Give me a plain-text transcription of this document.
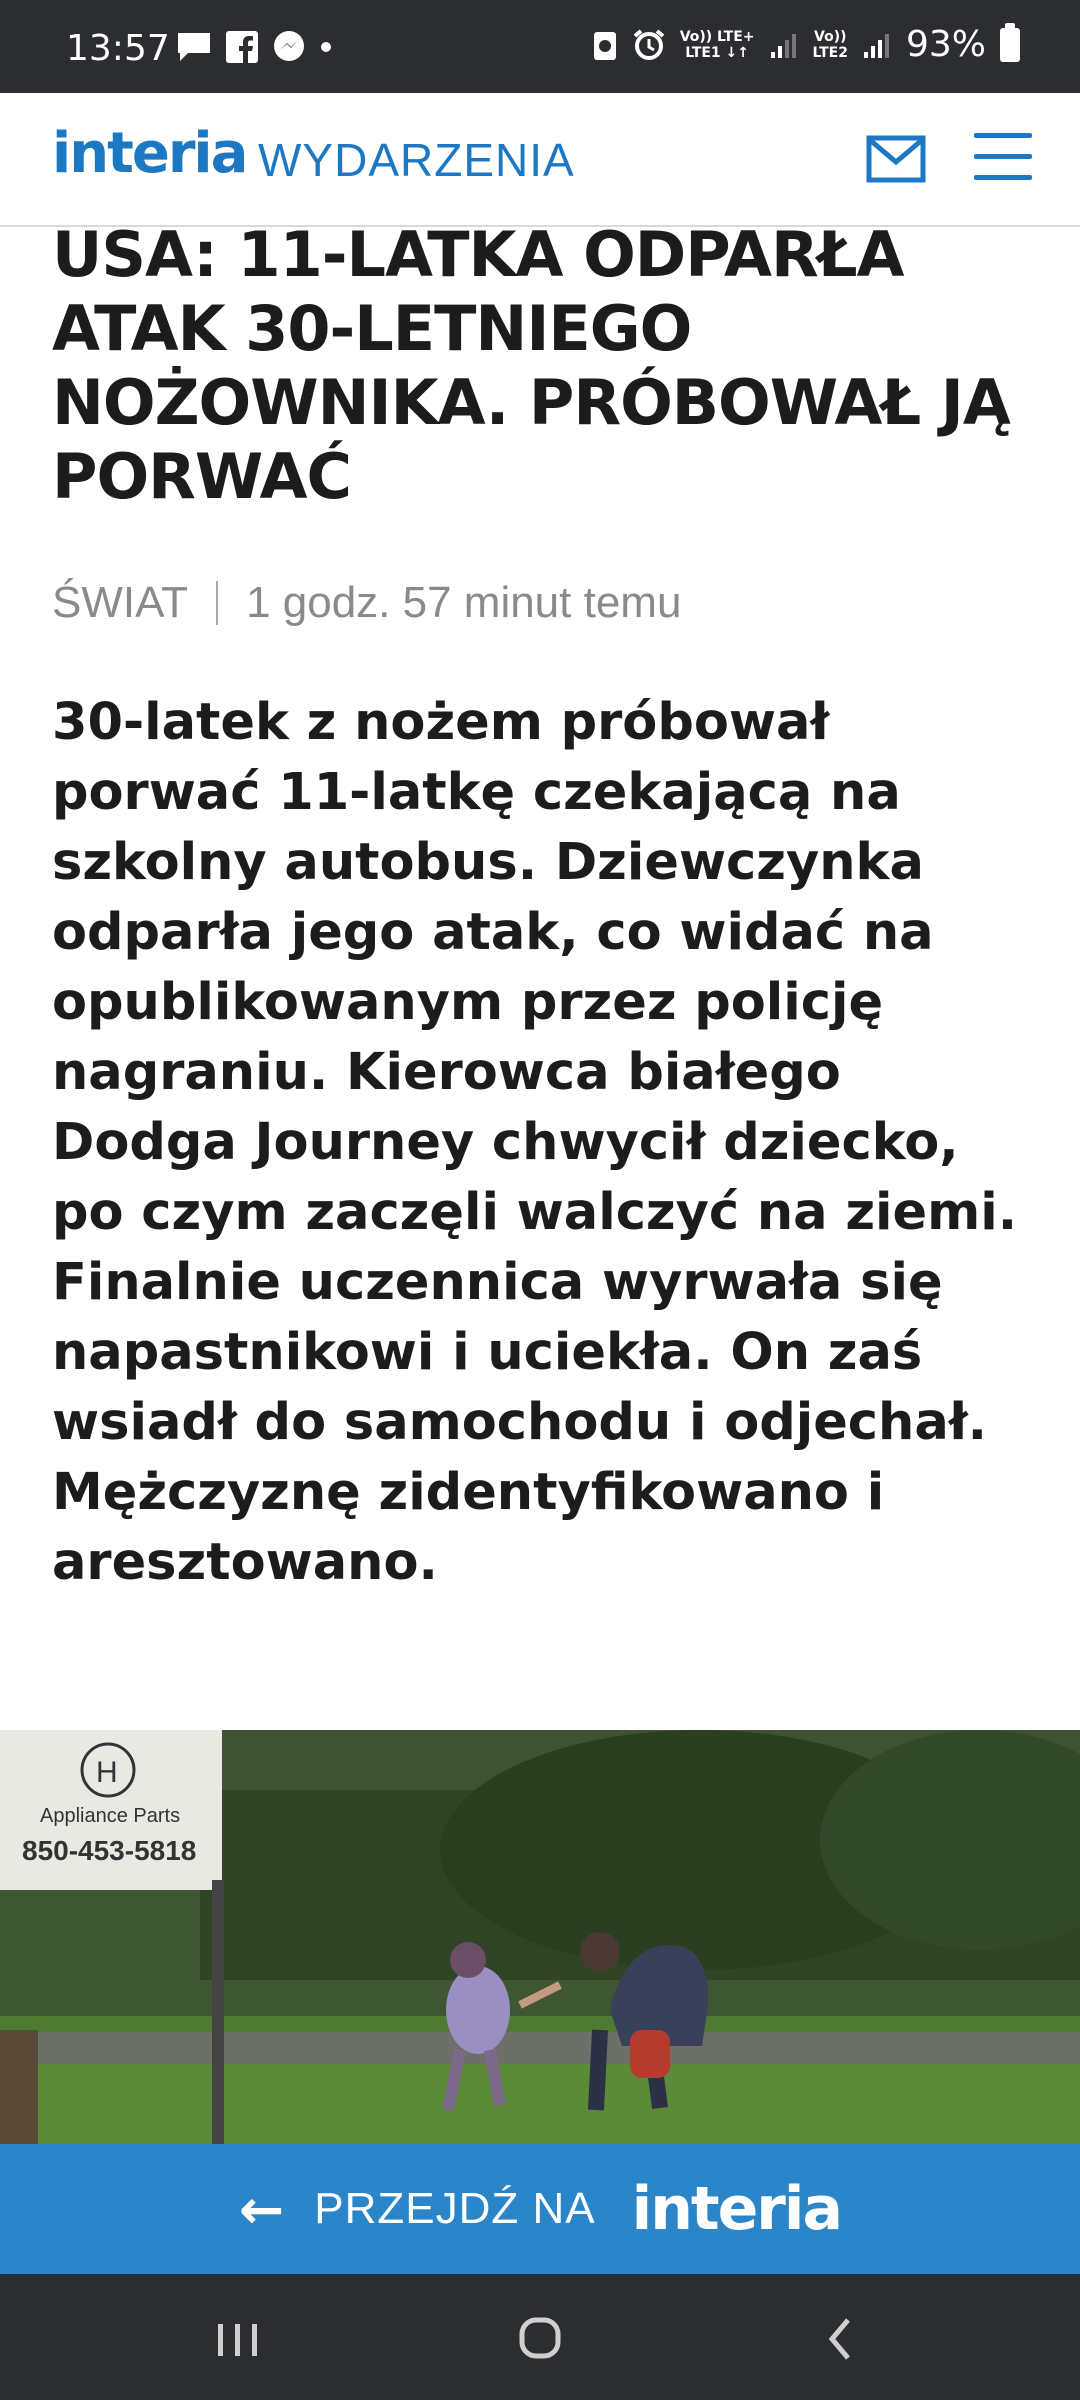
13:57	Vo)) LTE+
LTE1 ↓↑
Vo))
LTE2 93%
interia WYDARZENIA
USA: 11-LATKA ODPARŁA ATAK 30-LETNIEGO NOŻOWNIKA. PRÓBOWAŁ JĄ PORWAĆ
ŚWIAT 1 godz. 57 minut temu

30-latek z nożem próbował porwać 11-latkę czekającą na szkolny autobus. Dziewczynka odparła jego atak, co widać na opublikowanym przez policję nagraniu. Kierowca białego Dodga Journey chwycił dziecko, po czym zaczęli walczyć na ziemi. Finalnie uczennica wyrwała się napastnikowi i uciekła. On zaś wsiadł do samochodu i odjechał. Mężczyznę zidentyfikowano i aresztowano.

H
Appliance Parts
850-453-5818
← PRZEJDŹ NA interia
